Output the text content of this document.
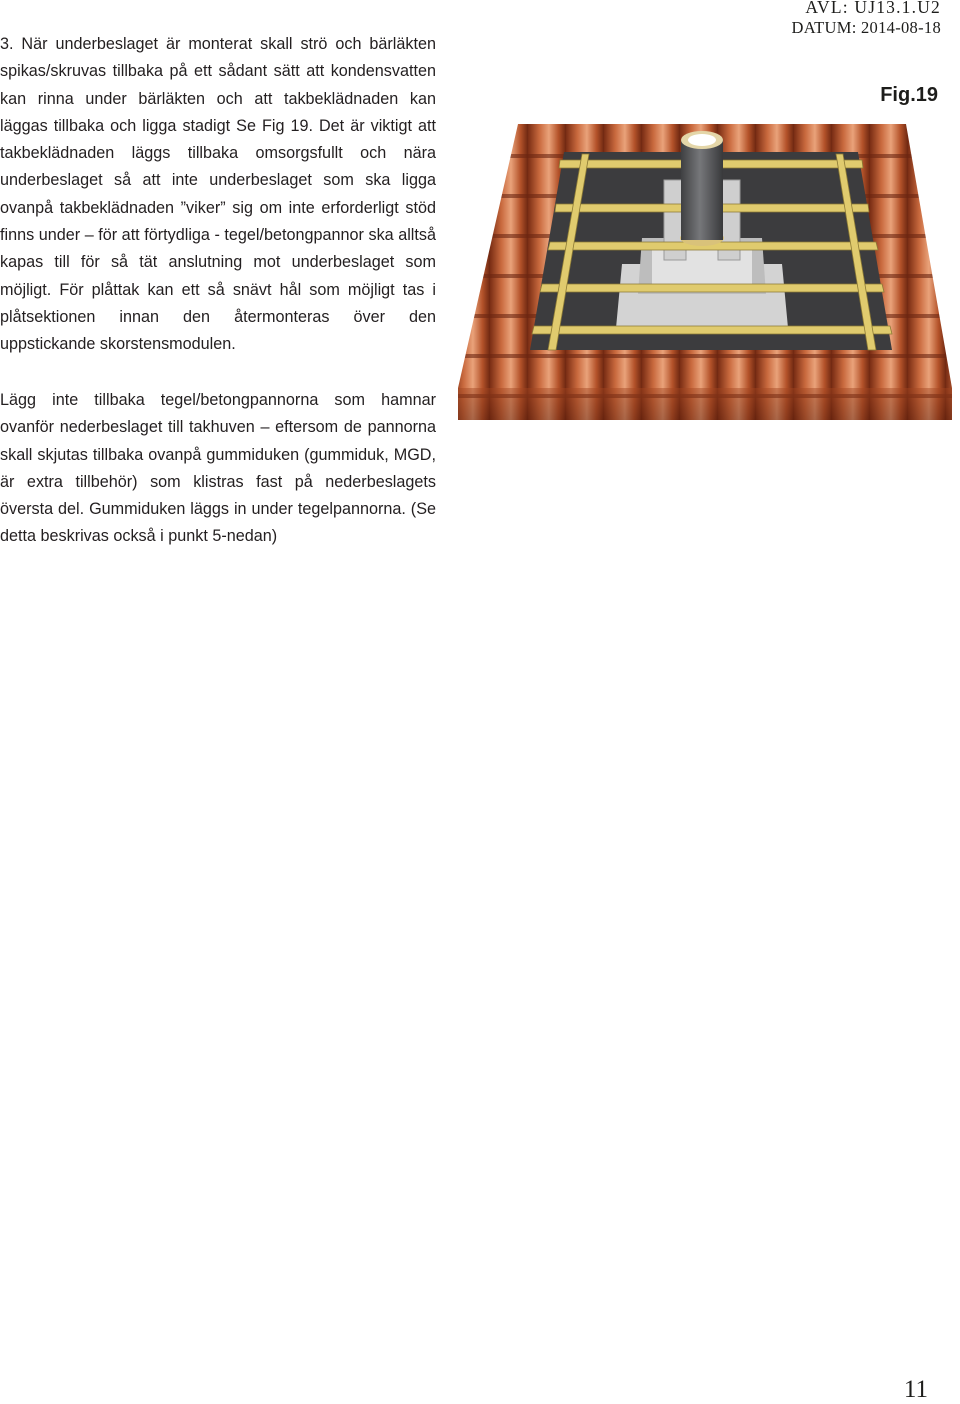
3. När underbeslaget är monterat skall strö och bärläkten spikas/skruvas tillbaka på ett sådant sätt att kondensvatten kan rinna under bärläkten och att takbeklädnaden kan läggas tillbaka och ligga stadigt Se Fig 19. Det är viktigt att takbeklädnaden läggs tillbaka omsorgsfullt och nära underbeslaget så att inte underbeslaget som ska ligga ovanpå takbeklädnaden ”viker” sig om inte erforderligt stöd finns under – för att förtydliga - tegel/betongpannor ska alltså kapas till för så tät anslutning mot underbeslaget som möjligt. För plåttak kan ett så snävt hål som möjligt tas i plåtsektionen innan den återmonteras över den uppstickande skorstensmodulen.

Lägg inte tillbaka tegel/betongpannorna som hamnar ovanför nederbeslaget till takhuven – eftersom de pannorna skall skjutas tillbaka ovanpå gummiduken (gummiduk, MGD, är extra tillbehör) som klistras fast på nederbeslagets översta del. Gummiduken läggs in under tegelpannorna. (Se detta beskrivas också i punkt 5-nedan)

AVL: UJ13.1.U2
DATUM: 2014-08-18
Fig.19
11
